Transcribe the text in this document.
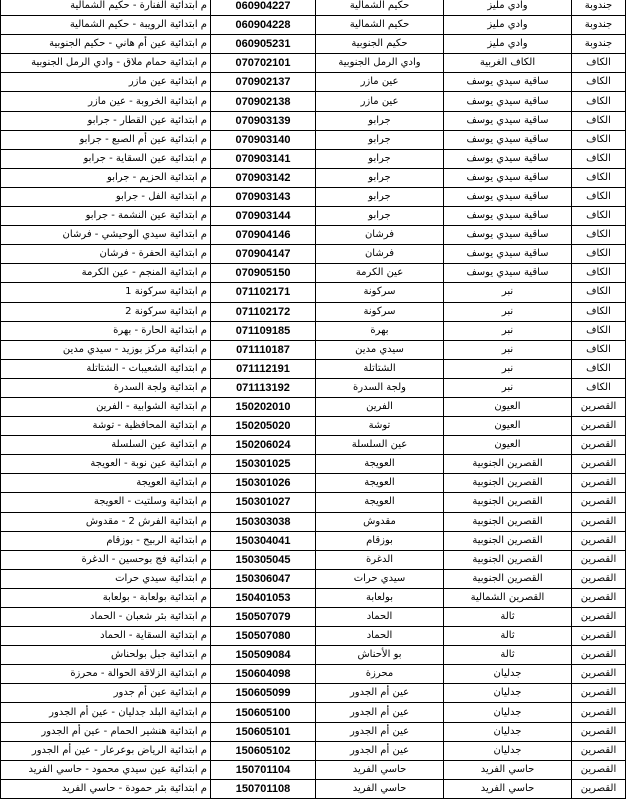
جندوبة	وادي مليز	حكيم الشمالية	060904227	م ابتدائية الفنارة - حكيم الشمالية
جندوبة	وادي مليز	حكيم الشمالية	060904228	م ابتدائية الرويبة - حكيم الشمالية
جندوبة	وادي مليز	حكيم الجنوبية	060905231	م ابتدائية عين أم هاني - حكيم الجنوبية
الكاف	الكاف الغربية	وادي الرمل الجنوبية	070702101	م ابتدائية حمام ملاق - وادي الرمل الجنوبية
الكاف	ساقية سيدي يوسف	عين مازر	070902137	م ابتدائية عين مازر
الكاف	ساقية سيدي يوسف	عين مازر	070902138	م ابتدائية الخروبة - عين مازر
الكاف	ساقية سيدي يوسف	جرابو	070903139	م ابتدائية عين القطار - جرابو
الكاف	ساقية سيدي يوسف	جرابو	070903140	م ابتدائية عين أم الصبع - جرابو
الكاف	ساقية سيدي يوسف	جرابو	070903141	م ابتدائية عين السقاية - جرابو
الكاف	ساقية سيدي يوسف	جرابو	070903142	م ابتدائية الحزيم - جرابو
الكاف	ساقية سيدي يوسف	جرابو	070903143	م ابتدائية الفل - جرابو
الكاف	ساقية سيدي يوسف	جرابو	070903144	م ابتدائية عين النشمة - جرابو
الكاف	ساقية سيدي يوسف	فرشان	070904146	م ابتدائية سيدي الوحيشي - فرشان
الكاف	ساقية سيدي يوسف	فرشان	070904147	م ابتدائية الحفرة - فرشان
الكاف	ساقية سيدي يوسف	عين الكرمة	070905150	م ابتدائية المنجم - عين الكرمة
الكاف	نبر	سركونة	071102171	م ابتدائية سركونة 1
الكاف	نبر	سركونة	071102172	م ابتدائية سركونة 2
الكاف	نبر	بهرة	071109185	م ابتدائية الحارة - بهرة
الكاف	نبر	سيدي مدين	071110187	م ابتدائية مركز بوزيد - سيدي مدين
الكاف	نبر	الشتاتلة	071112191	م ابتدائية الشعيبات - الشتاتلة
الكاف	نبر	ولجة السدرة	071113192	م ابتدائية ولجة السدرة
القصرين	العيون	الفرين	150202010	م ابتدائية الشوابية - الفرين
القصرين	العيون	توشة	150205020	م ابتدائية المحافظية - توشة
القصرين	العيون	عين السلسلة	150206024	م ابتدائية عين السلسلة
القصرين	القصرين الجنوبية	العويجة	150301025	م ابتدائية عين نوبة - العويجة
القصرين	القصرين الجنوبية	العويجة	150301026	م ابتدائية العويجة
القصرين	القصرين الجنوبية	العويجة	150301027	م ابتدائية وسلتيت - العويجة
القصرين	القصرين الجنوبية	مقدوش	150303038	م ابتدائية الفرش 2 - مقدوش
القصرين	القصرين الجنوبية	بوزقام	150304041	م ابتدائية الربيح - بوزقام
القصرين	القصرين الجنوبية	الدغرة	150305045	م ابتدائية فج بوحسين - الدغرة
القصرين	القصرين الجنوبية	سيدي حرات	150306047	م ابتدائية سيدي حرات
القصرين	القصرين الشمالية	بولعابة	150401053	م ابتدائية بولعابة - بولعابة
القصرين	ثالة	الحماد	150507079	م ابتدائية بئر شعبان - الحماد
القصرين	ثالة	الحماد	150507080	م ابتدائية السقاية - الحماد
القصرين	ثالة	بو الأحناش	150509084	م ابتدائية جبل بولحناش
القصرين	جدليان	محرزة	150604098	م ابتدائية الزلاقة الحوالة - محرزة
القصرين	جدليان	عين أم الجدور	150605099	م ابتدائية عين أم جدور
القصرين	جدليان	عين أم الجدور	150605100	م ابتدائية البلد جدليان - عين أم الجدور
القصرين	جدليان	عين أم الجدور	150605101	م ابتدائية هنشير الحمام - عين أم الجدور
القصرين	جدليان	عين أم الجدور	150605102	م ابتدائية الرياض بوعرعار - عين أم الجدور
القصرين	حاسي الفريد	حاسي الفريد	150701104	م ابتدائية عين سيدي محمود - حاسي الفريد
القصرين	حاسي الفريد	حاسي الفريد	150701108	م ابتدائية بئر حمودة - حاسي الفريد
